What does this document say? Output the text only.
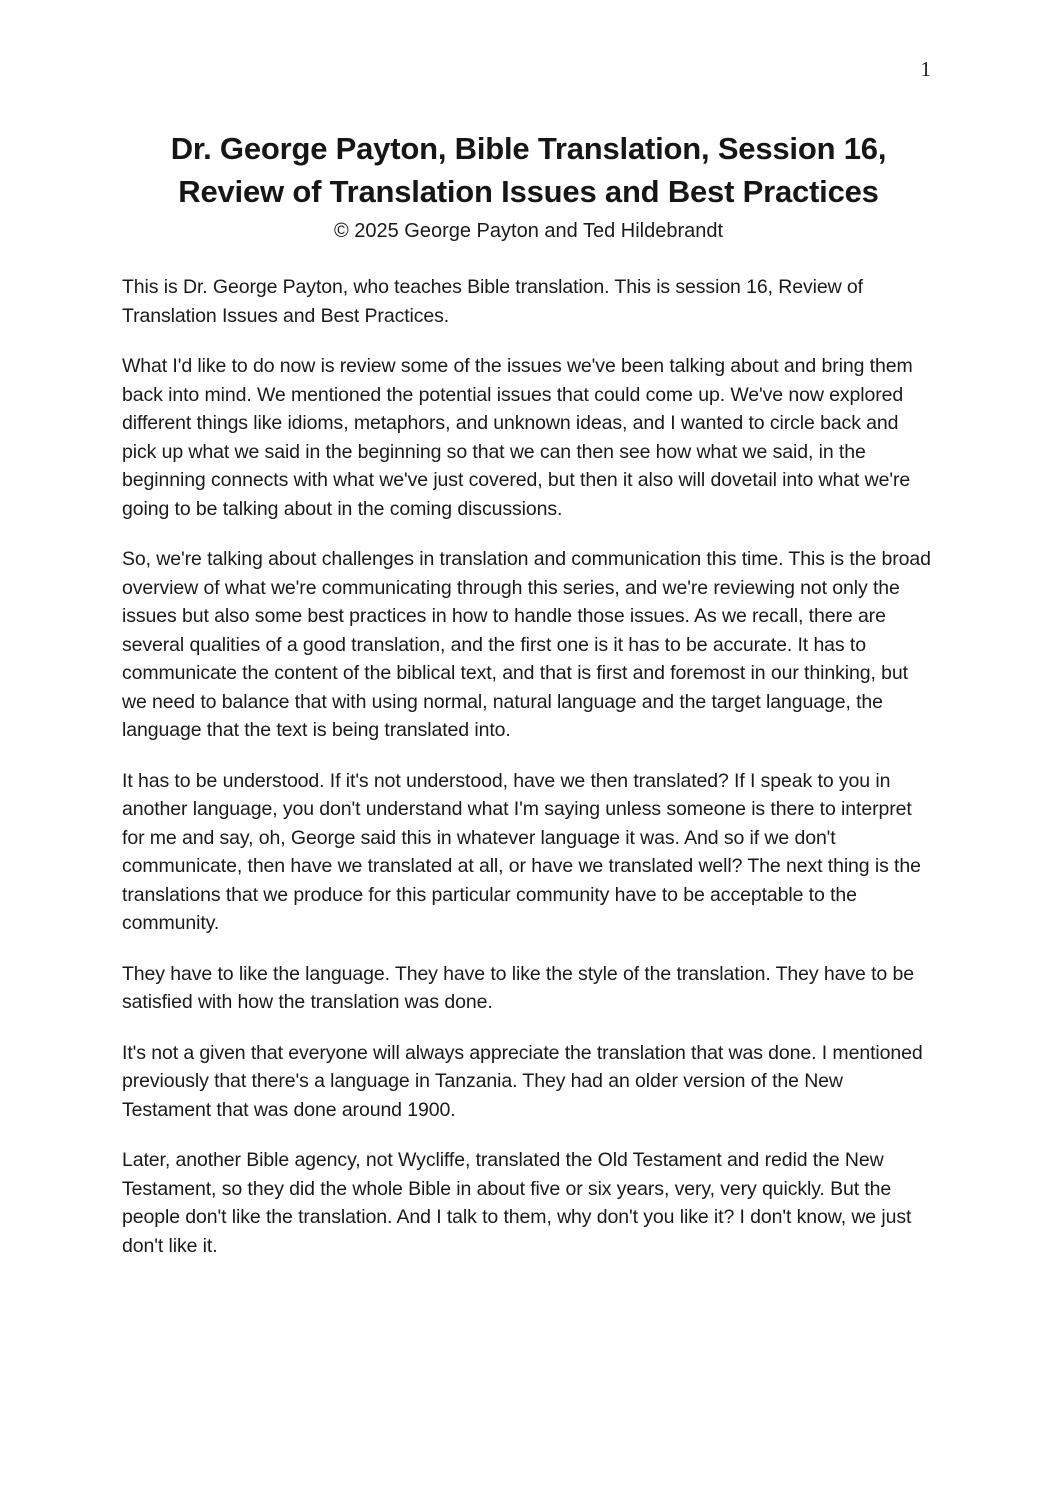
1
Dr. George Payton, Bible Translation, Session 16,
Review of Translation Issues and Best Practices
© 2025 George Payton and Ted Hildebrandt

This is Dr. George Payton, who teaches Bible translation. This is session 16, Review of Translation Issues and Best Practices.

What I'd like to do now is review some of the issues we've been talking about and bring them back into mind. We mentioned the potential issues that could come up. We've now explored different things like idioms, metaphors, and unknown ideas, and I wanted to circle back and pick up what we said in the beginning so that we can then see how what we said, in the beginning connects with what we've just covered, but then it also will dovetail into what we're going to be talking about in the coming discussions.

So, we're talking about challenges in translation and communication this time. This is the broad overview of what we're communicating through this series, and we're reviewing not only the issues but also some best practices in how to handle those issues. As we recall, there are several qualities of a good translation, and the first one is it has to be accurate. It has to communicate the content of the biblical text, and that is first and foremost in our thinking, but we need to balance that with using normal, natural language and the target language, the language that the text is being translated into.

It has to be understood. If it's not understood, have we then translated? If I speak to you in another language, you don't understand what I'm saying unless someone is there to interpret for me and say, oh, George said this in whatever language it was. And so if we don't communicate, then have we translated at all, or have we translated well? The next thing is the translations that we produce for this particular community have to be acceptable to the community.

They have to like the language. They have to like the style of the translation. They have to be satisfied with how the translation was done.

It's not a given that everyone will always appreciate the translation that was done. I mentioned previously that there's a language in Tanzania. They had an older version of the New Testament that was done around 1900.

Later, another Bible agency, not Wycliffe, translated the Old Testament and redid the New Testament, so they did the whole Bible in about five or six years, very, very quickly. But the people don't like the translation. And I talk to them, why don't you like it? I don't know, we just don't like it.
